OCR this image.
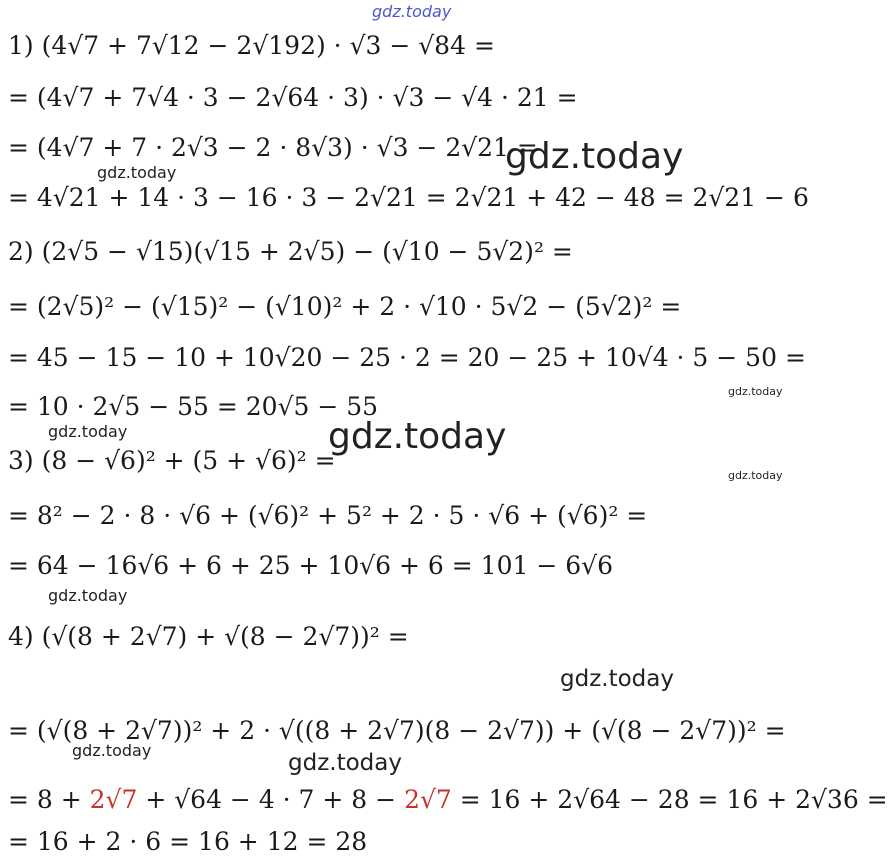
gdz.today
gdz.today
gdz.today
gdz.today
gdz.today
gdz.today
gdz.today
gdz.today
gdz.today
gdz.today
gdz.today
1) (4√7 + 7√12 − 2√192) · √3 − √84 =
= (4√7 + 7√4 · 3 − 2√64 · 3) · √3 − √4 · 21 =
= (4√7 + 7 · 2√3 − 2 · 8√3) · √3 − 2√21 =
= 4√21 + 14 · 3 − 16 · 3 − 2√21 = 2√21 + 42 − 48 = 2√21 − 6
2) (2√5 − √15)(√15 + 2√5) − (√10 − 5√2)² =
= (2√5)² − (√15)² − (√10)² + 2 · √10 · 5√2 − (5√2)² =
= 45 − 15 − 10 + 10√20 − 25 · 2 = 20 − 25 + 10√4 · 5 − 50 =
= 10 · 2√5 − 55 = 20√5 − 55
3) (8 − √6)² + (5 + √6)² =
= 8² − 2 · 8 · √6 + (√6)² + 5² + 2 · 5 · √6 + (√6)² =
= 64 − 16√6 + 6 + 25 + 10√6 + 6 = 101 − 6√6
4) (√(8 + 2√7) + √(8 − 2√7))² =
= (√(8 + 2√7))² + 2 · √((8 + 2√7)(8 − 2√7)) + (√(8 − 2√7))² =
= 8 + 2√7 + √64 − 4 · 7 + 8 − 2√7 = 16 + 2√64 − 28 = 16 + 2√36 =
= 16 + 2 · 6 = 16 + 12 = 28
